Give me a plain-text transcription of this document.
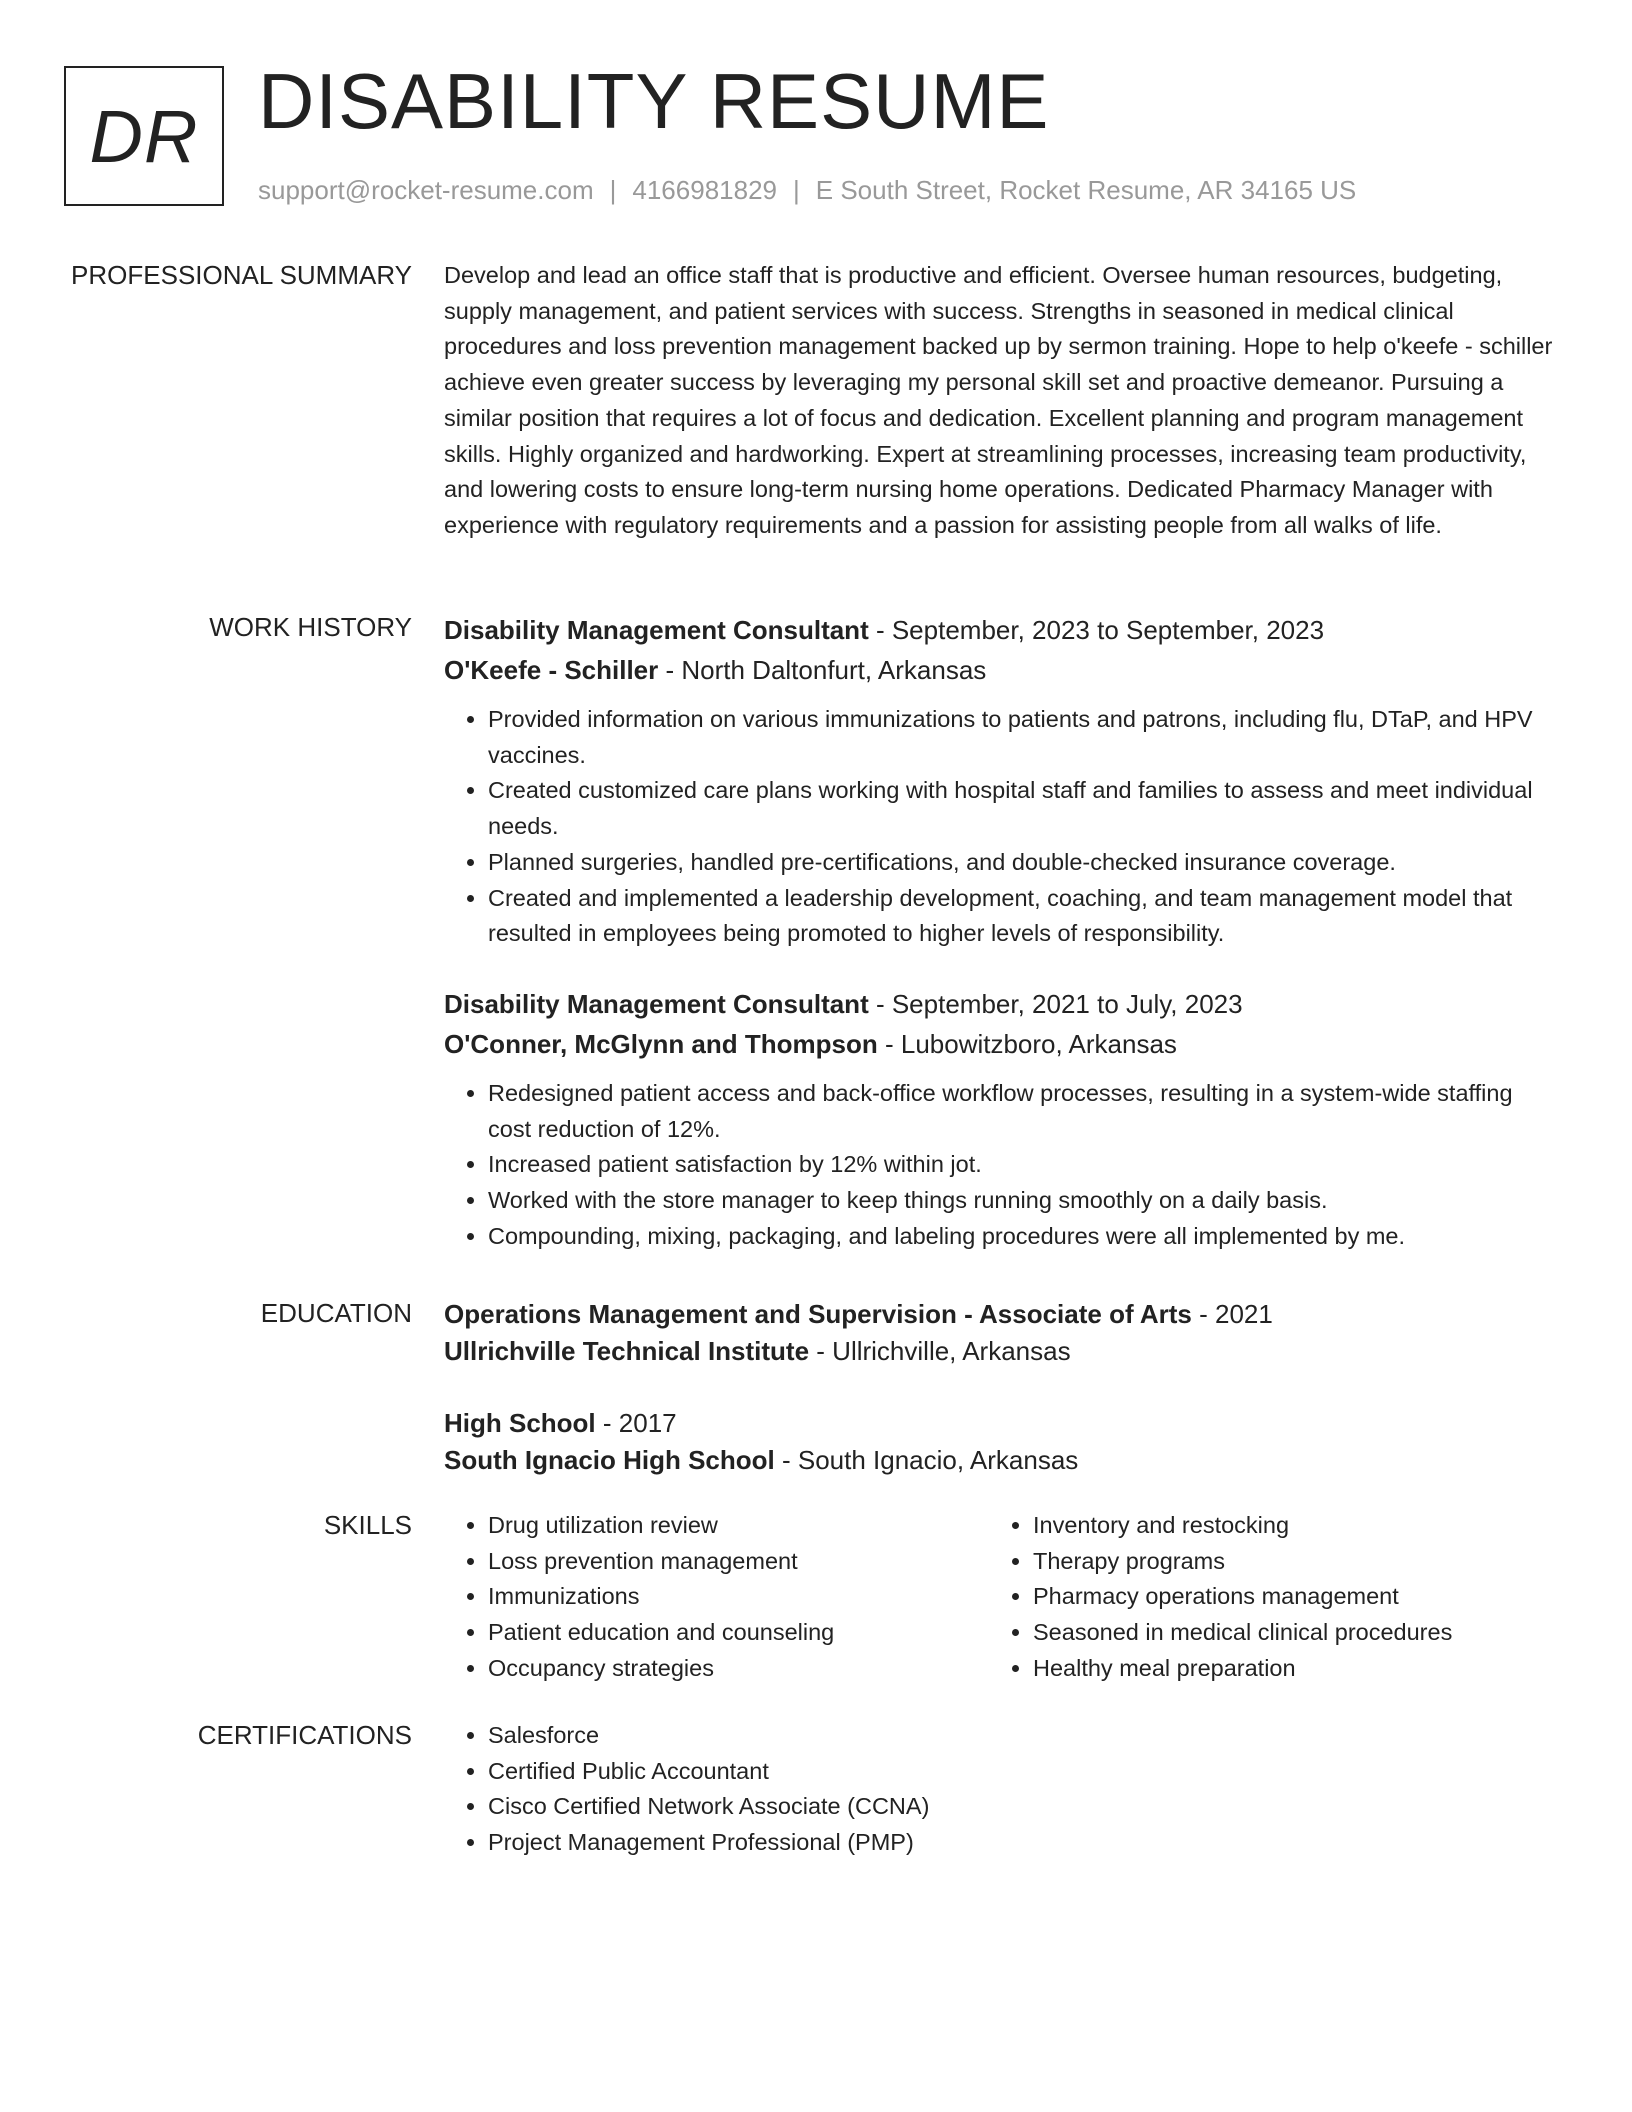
DR DISABILITY RESUME
support@rocket-resume.com | 4166981829 | E South Street, Rocket Resume, AR 34165 US
PROFESSIONAL SUMMARY Develop and lead an office staff that is productive and efficient. Oversee human resources, budgeting, supply management, and patient services with success. Strengths in seasoned in medical clinical procedures and loss prevention management backed up by sermon training. Hope to help o'keefe - schiller achieve even greater success by leveraging my personal skill set and proactive demeanor. Pursuing a similar position that requires a lot of focus and dedication. Excellent planning and program management skills. Highly organized and hardworking. Expert at streamlining processes, increasing team productivity, and lowering costs to ensure long-term nursing home operations. Dedicated Pharmacy Manager with experience with regulatory requirements and a passion for assisting people from all walks of life.

WORK HISTORY Disability Management Consultant - September, 2023 to September, 2023
O'Keefe - Schiller - North Daltonfurt, Arkansas
• Provided information on various immunizations to patients and patrons, including flu, DTaP, and HPV vaccines.
• Created customized care plans working with hospital staff and families to assess and meet individual needs.
• Planned surgeries, handled pre-certifications, and double-checked insurance coverage.
• Created and implemented a leadership development, coaching, and team management model that resulted in employees being promoted to higher levels of responsibility.
Disability Management Consultant - September, 2021 to July, 2023
O'Conner, McGlynn and Thompson - Lubowitzboro, Arkansas
• Redesigned patient access and back-office workflow processes, resulting in a system-wide staffing cost reduction of 12%.
• Increased patient satisfaction by 12% within jot.
• Worked with the store manager to keep things running smoothly on a daily basis.
• Compounding, mixing, packaging, and labeling procedures were all implemented by me.
EDUCATION Operations Management and Supervision - Associate of Arts - 2021
Ullrichville Technical Institute - Ullrichville, Arkansas
High School - 2017
South Ignacio High School - South Ignacio, Arkansas
SKILLS	• Drug utilization review
• Loss prevention management
• Immunizations
• Patient education and counseling
• Occupancy strategies
• Inventory and restocking
• Therapy programs
• Pharmacy operations management
• Seasoned in medical clinical procedures
• Healthy meal preparation
CERTIFICATIONS	• Salesforce
• Certified Public Accountant
• Cisco Certified Network Associate (CCNA)
• Project Management Professional (PMP)
